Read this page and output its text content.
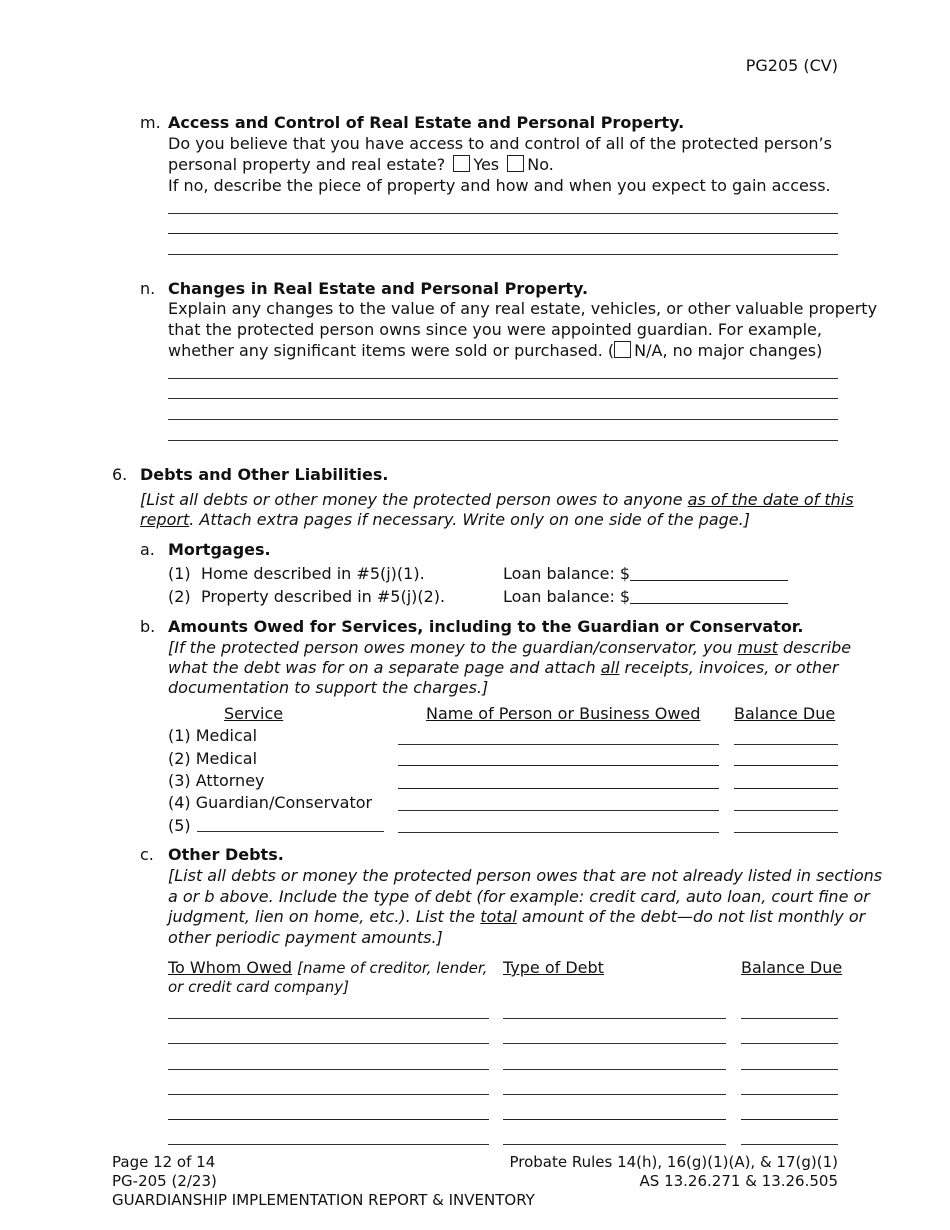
PG205 (CV)
m. Access and Control of Real Estate and Personal Property.
Do you believe that you have access to and control of all of the protected person’s
personal property and real estate? Yes No.
If no, describe the piece of property and how and when you expect to gain access.
n. Changes in Real Estate and Personal Property.
Explain any changes to the value of any real estate, vehicles, or other valuable property
that the protected person owns since you were appointed guardian. For example,
whether any significant items were sold or purchased. ( N/A, no major changes)
6. Debts and Other Liabilities.
[List all debts or other money the protected person owes to anyone as of the date of this
report. Attach extra pages if necessary. Write only on one side of the page.]
a. Mortgages.
(1) Home described in #5(j)(1).	Loan balance: $
(2) Property described in #5(j)(2).	Loan balance: $
b. Amounts Owed for Services, including to the Guardian or Conservator.
[If the protected person owes money to the guardian/conservator, you must describe
what the debt was for on a separate page and attach all receipts, invoices, or other
documentation to support the charges.]
Service	Name of Person or Business Owed Balance Due
(1) Medical
(2) Medical
(3) Attorney
(4) Guardian/Conservator
(5)
c. Other Debts.
[List all debts or money the protected person owes that are not already listed in sections
a or b above. Include the type of debt (for example: credit card, auto loan, court fine or
judgment, lien on home, etc.). List the total amount of the debt—do not list monthly or
other periodic payment amounts.]
To Whom Owed [name of creditor, lender,
or credit card company]
Type of Debt	Balance Due
Page 12 of 14
PG-205 (2/23)
GUARDIANSHIP IMPLEMENTATION REPORT & INVENTORY
Probate Rules 14(h), 16(g)(1)(A), & 17(g)(1)
AS 13.26.271 & 13.26.505
